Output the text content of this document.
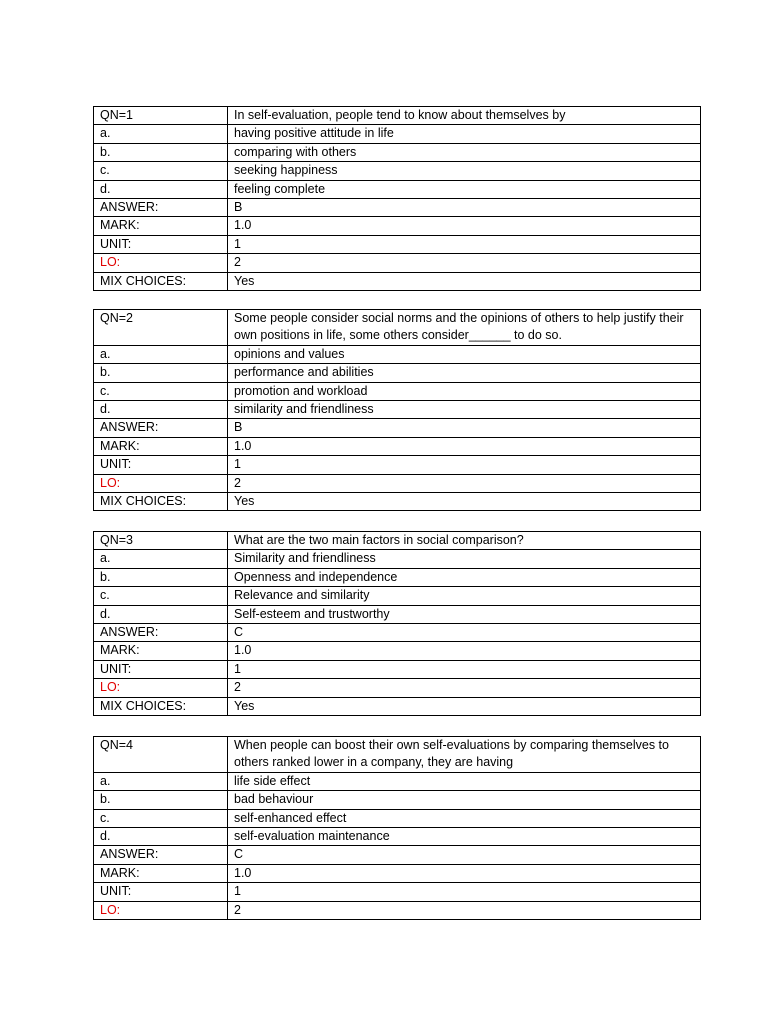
QN=1	In self-evaluation, people tend to know about themselves by
a.	having positive attitude in life
b.	comparing with others
c.	seeking happiness
d.	feeling complete
ANSWER:	B
MARK:	1.0
UNIT:	1
LO:	2
MIX CHOICES:	Yes
QN=2	Some people consider social norms and the opinions of others to help justify their own positions in life, some others consider______ to do so.
a.	opinions and values
b.	performance and abilities
c.	promotion and workload
d.	similarity and friendliness
ANSWER:	B
MARK:	1.0
UNIT:	1
LO:	2
MIX CHOICES:	Yes
QN=3	What are the two main factors in social comparison?
a.	Similarity and friendliness
b.	Openness and independence
c.	Relevance and similarity
d.	Self-esteem and trustworthy
ANSWER:	C
MARK:	1.0
UNIT:	1
LO:	2
MIX CHOICES:	Yes
QN=4	When people can boost their own self-evaluations by comparing themselves to others ranked lower in a company, they are having
a.	life side effect
b.	bad behaviour
c.	self-enhanced effect
d.	self-evaluation maintenance
ANSWER:	C
MARK:	1.0
UNIT:	1
LO:	2
